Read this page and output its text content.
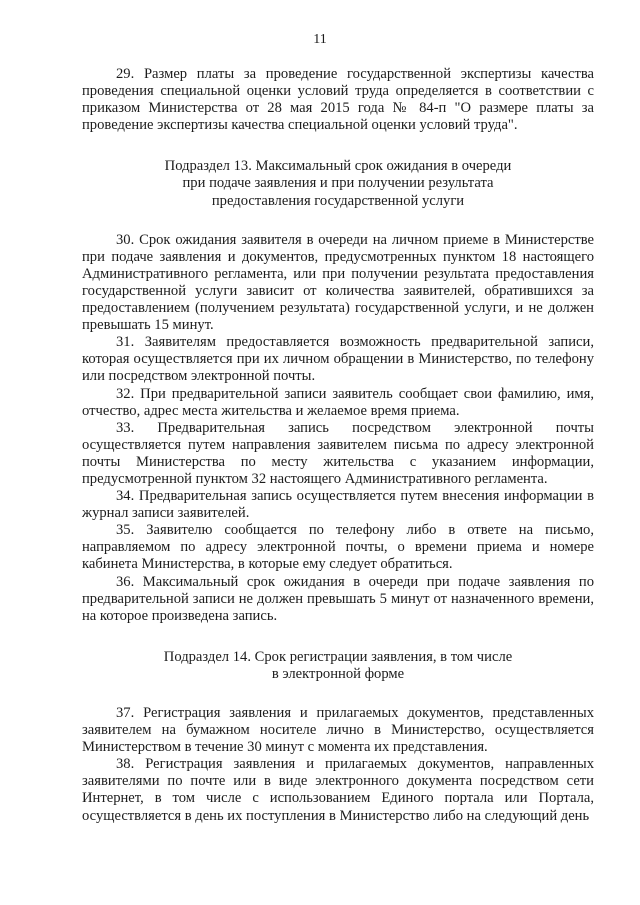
11

29. Размер платы за проведение государственной экспертизы качества проведения специальной оценки условий труда определяется в соответствии с приказом Министерства от 28 мая 2015 года № 84-п "О размере платы за проведение экспертизы качества специальной оценки условий труда".

Подраздел 13. Максимальный срок ожидания в очереди
при подаче заявления и при получении результата
предоставления государственной услуги

30. Срок ожидания заявителя в очереди на личном приеме в Министерстве при подаче заявления и документов, предусмотренных пунктом 18 настоящего Административного регламента, или при получении результата предоставления государственной услуги зависит от количества заявителей, обратившихся за предоставлением (получением результата) государственной услуги, и не должен превышать 15 минут.

31. Заявителям предоставляется возможность предварительной записи, которая осуществляется при их личном обращении в Министерство, по телефону или посредством электронной почты.

32. При предварительной записи заявитель сообщает свои фамилию, имя, отчество, адрес места жительства и желаемое время приема.

33. Предварительная запись посредством электронной почты осуществляется путем направления заявителем письма по адресу электронной почты Министерства по месту жительства с указанием информации, предусмотренной пунктом 32 настоящего Административного регламента.

34. Предварительная запись осуществляется путем внесения информации в журнал записи заявителей.

35. Заявителю сообщается по телефону либо в ответе на письмо, направляемом по адресу электронной почты, о времени приема и номере кабинета Министерства, в которые ему следует обратиться.

36. Максимальный срок ожидания в очереди при подаче заявления по предварительной записи не должен превышать 5 минут от назначенного времени, на которое произведена запись.

Подраздел 14. Срок регистрации заявления, в том числе
в электронной форме

37. Регистрация заявления и прилагаемых документов, представленных заявителем на бумажном носителе лично в Министерство, осуществляется Министерством в течение 30 минут с момента их представления.

38. Регистрация заявления и прилагаемых документов, направленных заявителями по почте или в виде электронного документа посредством сети Интернет, в том числе с использованием Единого портала или Портала, осуществляется в день их поступления в Министерство либо на следующий день
